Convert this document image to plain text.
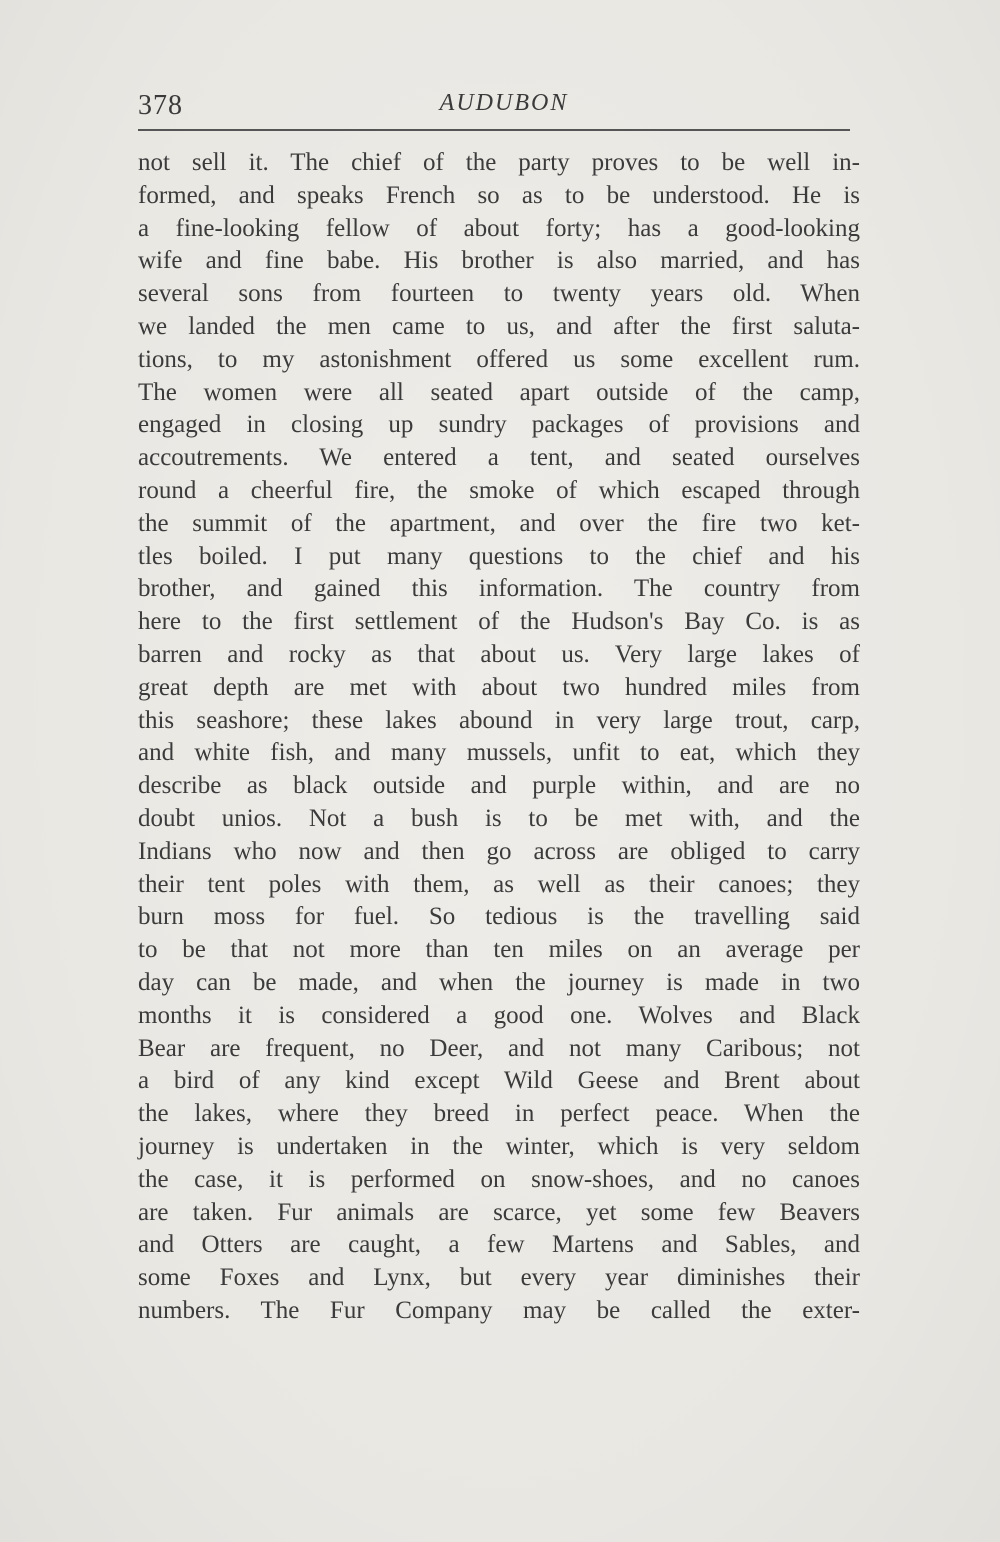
378	AUDUBON
not sell it. The chief of the party proves to be well in-
formed, and speaks French so as to be understood. He is
a fine-looking fellow of about forty; has a good-looking
wife and fine babe. His brother is also married, and has
several sons from fourteen to twenty years old. When
we landed the men came to us, and after the first saluta-
tions, to my astonishment offered us some excellent rum.
The women were all seated apart outside of the camp,
engaged in closing up sundry packages of provisions and
accoutrements. We entered a tent, and seated ourselves
round a cheerful fire, the smoke of which escaped through
the summit of the apartment, and over the fire two ket-
tles boiled. I put many questions to the chief and his
brother, and gained this information. The country from
here to the first settlement of the Hudson's Bay Co. is as
barren and rocky as that about us. Very large lakes of
great depth are met with about two hundred miles from
this seashore; these lakes abound in very large trout, carp,
and white fish, and many mussels, unfit to eat, which they
describe as black outside and purple within, and are no
doubt unios. Not a bush is to be met with, and the
Indians who now and then go across are obliged to carry
their tent poles with them, as well as their canoes; they
burn moss for fuel. So tedious is the travelling said
to be that not more than ten miles on an average per
day can be made, and when the journey is made in two
months it is considered a good one. Wolves and Black
Bear are frequent, no Deer, and not many Caribous; not
a bird of any kind except Wild Geese and Brent about
the lakes, where they breed in perfect peace. When the
journey is undertaken in the winter, which is very seldom
the case, it is performed on snow-shoes, and no canoes
are taken. Fur animals are scarce, yet some few Beavers
and Otters are caught, a few Martens and Sables, and
some Foxes and Lynx, but every year diminishes their
numbers. The Fur Company may be called the exter-
